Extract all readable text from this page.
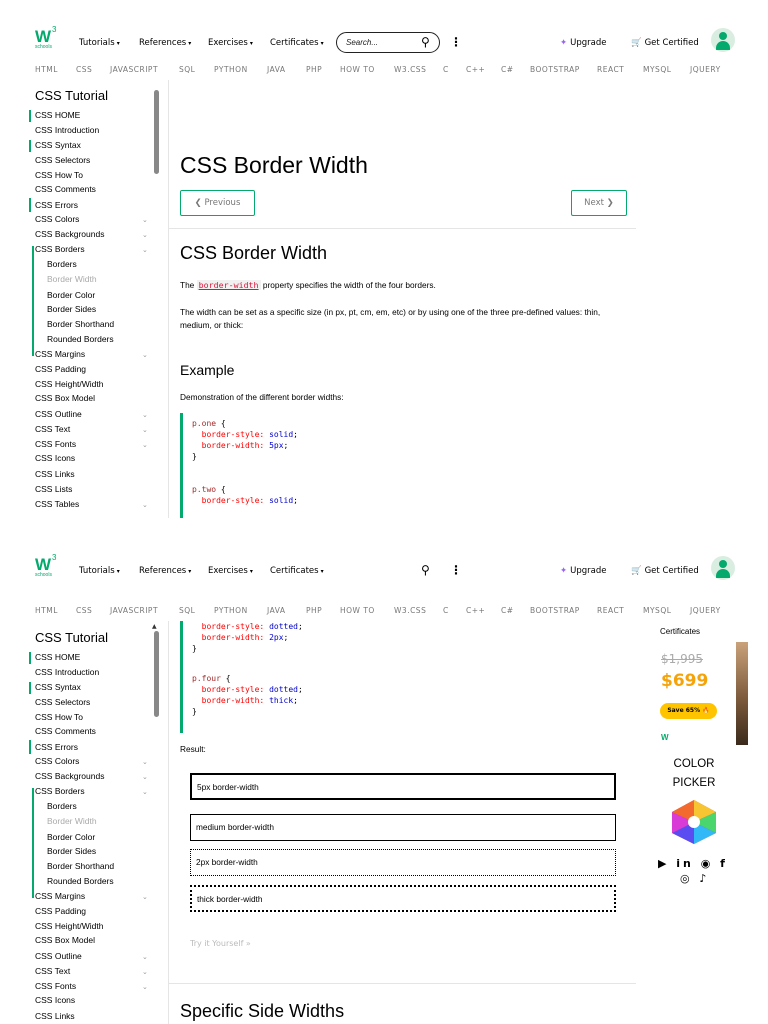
W 3
schools	Tutorials ▾ References ▾ Exercises ▾ Certificates ▾
Search...	⚲ ⋮	✦ Upgrade	🛒 Get Certified
HTML CSS JAVASCRIPT	SQL PYTHON	JAVA	PHP HOW TO	W3.CSS C C++ C# BOOTSTRAP REACT MYSQL JQUERY
CSS Tutorial
CSS HOME
CSS Introduction
CSS Syntax
CSS Selectors
CSS How To
CSS Comments
CSS Errors
CSS Colors
CSS Backgrounds
CSS Borders
Borders
Border Width
Border Color
Border Sides
Border Shorthand
Rounded Borders
CSS Margins
CSS Padding
CSS Height/Width
CSS Box Model
CSS Outline
CSS Text
CSS Fonts
CSS Icons
CSS Links
CSS Lists
CSS Tables
⌄
⌄
⌄
⌄
⌄
⌄
⌄
⌄
CSS Border Width
❮ Previous	Next ❯
CSS Border Width
The border-width property specifies the width of the four borders.
The width can be set as a specific size (in px, pt, cm, em, etc) or by using one of the three pre-defined values: thin, medium, or thick:
Example
Demonstration of the different border widths:
p.one {
border-style: solid;
border-width: 5px;
}
p.two {
border-style: solid;
W 3
schools	Tutorials ▾ References ▾ Exercises ▾ Certificates ▾	⚲ ⋮	✦ Upgrade	🛒 Get Certified
HTML CSS JAVASCRIPT	SQL PYTHON	JAVA	PHP HOW TO	W3.CSS C C++ C# BOOTSTRAP REACT MYSQL JQUERY
CSS Tutorial
▲
CSS HOME
CSS Introduction
CSS Syntax
CSS Selectors
CSS How To
CSS Comments
CSS Errors
CSS Colors
CSS Backgrounds
CSS Borders
Borders
Border Width
Border Color
Border Sides
Border Shorthand
Rounded Borders
CSS Margins
CSS Padding
CSS Height/Width
CSS Box Model
CSS Outline
CSS Text
CSS Fonts
CSS Icons
CSS Links
⌄
⌄
⌄
⌄
⌄
⌄
⌄
border-style: dotted;
border-width: 2px;
}
p.four {
border-style: dotted;
border-width: thick;
}
Result:
5px border-width
medium border-width
2px border-width
thick border-width
Try it Yourself »
Specific Side Widths
Certificates
$1,995
$699
Save 65% 🔥
W
COLOR
PICKER
▶ in ◉ f
◎ ♪
